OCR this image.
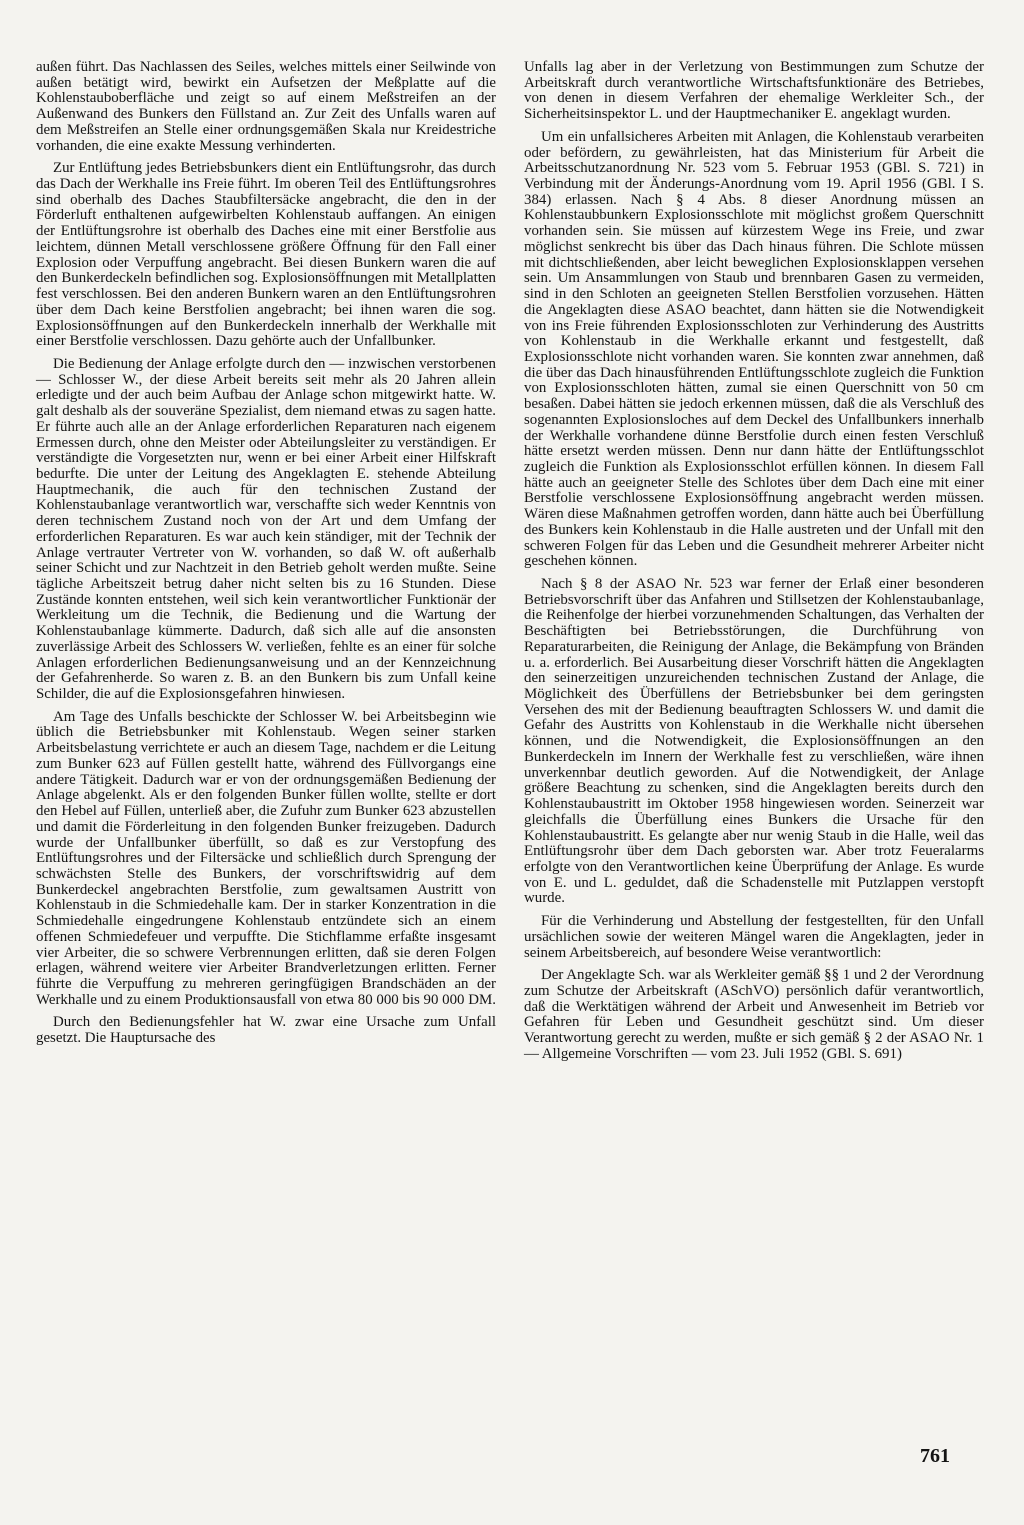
außen führt. Das Nachlassen des Seiles, welches mittels einer Seilwinde von außen betätigt wird, bewirkt ein Aufsetzen der Meßplatte auf die Kohlenstauboberfläche und zeigt so auf einem Meßstreifen an der Außenwand des Bunkers den Füllstand an. Zur Zeit des Unfalls waren auf dem Meßstreifen an Stelle einer ordnungsgemäßen Skala nur Kreidestriche vorhanden, die eine exakte Messung verhinderten.

Zur Entlüftung jedes Betriebsbunkers dient ein Entlüftungsrohr, das durch das Dach der Werkhalle ins Freie führt. Im oberen Teil des Entlüftungsrohres sind oberhalb des Daches Staubfiltersäcke angebracht, die den in der Förderluft enthaltenen aufgewirbelten Kohlenstaub auffangen. An einigen der Entlüftungsrohre ist oberhalb des Daches eine mit einer Berstfolie aus leichtem, dünnen Metall verschlossene größere Öffnung für den Fall einer Explosion oder Verpuffung angebracht. Bei diesen Bunkern waren die auf den Bunkerdeckeln befindlichen sog. Explosionsöffnungen mit Metallplatten fest verschlossen. Bei den anderen Bunkern waren an den Entlüftungsrohren über dem Dach keine Berstfolien angebracht; bei ihnen waren die sog. Explosionsöffnungen auf den Bunkerdeckeln innerhalb der Werkhalle mit einer Berstfolie verschlossen. Dazu gehörte auch der Unfallbunker.

Die Bedienung der Anlage erfolgte durch den — inzwischen verstorbenen — Schlosser W., der diese Arbeit bereits seit mehr als 20 Jahren allein erledigte und der auch beim Aufbau der Anlage schon mitgewirkt hatte. W. galt deshalb als der souveräne Spezialist, dem niemand etwas zu sagen hatte. Er führte auch alle an der Anlage erforderlichen Reparaturen nach eigenem Ermessen durch, ohne den Meister oder Abteilungsleiter zu verständigen. Er verständigte die Vorgesetzten nur, wenn er bei einer Arbeit einer Hilfskraft bedurfte. Die unter der Leitung des Angeklagten E. stehende Abteilung Hauptmechanik, die auch für den technischen Zustand der Kohlenstaubanlage verantwortlich war, verschaffte sich weder Kenntnis von deren technischem Zustand noch von der Art und dem Umfang der erforderlichen Reparaturen. Es war auch kein ständiger, mit der Technik der Anlage vertrauter Vertreter von W. vorhanden, so daß W. oft außerhalb seiner Schicht und zur Nachtzeit in den Betrieb geholt werden mußte. Seine tägliche Arbeitszeit betrug daher nicht selten bis zu 16 Stunden. Diese Zustände konnten entstehen, weil sich kein verantwortlicher Funktionär der Werkleitung um die Technik, die Bedienung und die Wartung der Kohlenstaubanlage kümmerte. Dadurch, daß sich alle auf die ansonsten zuverlässige Arbeit des Schlossers W. verließen, fehlte es an einer für solche Anlagen erforderlichen Bedienungsanweisung und an der Kennzeichnung der Gefahrenherde. So waren z. B. an den Bunkern bis zum Unfall keine Schilder, die auf die Explosionsgefahren hinwiesen.

Am Tage des Unfalls beschickte der Schlosser W. bei Arbeitsbeginn wie üblich die Betriebsbunker mit Kohlenstaub. Wegen seiner starken Arbeitsbelastung verrichtete er auch an diesem Tage, nachdem er die Leitung zum Bunker 623 auf Füllen gestellt hatte, während des Füllvorgangs eine andere Tätigkeit. Dadurch war er von der ordnungsgemäßen Bedienung der Anlage abgelenkt. Als er den folgenden Bunker füllen wollte, stellte er dort den Hebel auf Füllen, unterließ aber, die Zufuhr zum Bunker 623 abzustellen und damit die Förderleitung in den folgenden Bunker freizugeben. Dadurch wurde der Unfallbunker überfüllt, so daß es zur Verstopfung des Entlüftungsrohres und der Filtersäcke und schließlich durch Sprengung der schwächsten Stelle des Bunkers, der vorschriftswidrig auf dem Bunkerdeckel angebrachten Berstfolie, zum gewaltsamen Austritt von Kohlenstaub in die Schmiedehalle kam. Der in starker Konzentration in die Schmiedehalle eingedrungene Kohlenstaub entzündete sich an einem offenen Schmiedefeuer und verpuffte. Die Stichflamme erfaßte insgesamt vier Arbeiter, die so schwere Verbrennungen erlitten, daß sie deren Folgen erlagen, während weitere vier Arbeiter Brandverletzungen erlitten. Ferner führte die Verpuffung zu mehreren geringfügigen Brandschäden an der Werkhalle und zu einem Produktionsausfall von etwa 80 000 bis 90 000 DM.

Durch den Bedienungsfehler hat W. zwar eine Ursache zum Unfall gesetzt. Die Hauptursache des

Unfalls lag aber in der Verletzung von Bestimmungen zum Schutze der Arbeitskraft durch verantwortliche Wirtschaftsfunktionäre des Betriebes, von denen in diesem Verfahren der ehemalige Werkleiter Sch., der Sicherheitsinspektor L. und der Hauptmechaniker E. angeklagt wurden.

Um ein unfallsicheres Arbeiten mit Anlagen, die Kohlenstaub verarbeiten oder befördern, zu gewährleisten, hat das Ministerium für Arbeit die Arbeitsschutzanordnung Nr. 523 vom 5. Februar 1953 (GBl. S. 721) in Verbindung mit der Änderungs-Anordnung vom 19. April 1956 (GBl. I S. 384) erlassen. Nach § 4 Abs. 8 dieser Anordnung müssen an Kohlenstaubbunkern Explosionsschlote mit möglichst großem Querschnitt vorhanden sein. Sie müssen auf kürzestem Wege ins Freie, und zwar möglichst senkrecht bis über das Dach hinaus führen. Die Schlote müssen mit dichtschließenden, aber leicht beweglichen Explosionsklappen versehen sein. Um Ansammlungen von Staub und brennbaren Gasen zu vermeiden, sind in den Schloten an geeigneten Stellen Berstfolien vorzusehen. Hätten die Angeklagten diese ASAO beachtet, dann hätten sie die Notwendigkeit von ins Freie führenden Explosionsschloten zur Verhinderung des Austritts von Kohlenstaub in die Werkhalle erkannt und festgestellt, daß Explosionsschlote nicht vorhanden waren. Sie konnten zwar annehmen, daß die über das Dach hinausführenden Entlüftungsschlote zugleich die Funktion von Explosionsschloten hätten, zumal sie einen Querschnitt von 50 cm besaßen. Dabei hätten sie jedoch erkennen müssen, daß die als Verschluß des sogenannten Explosionsloches auf dem Deckel des Unfallbunkers innerhalb der Werkhalle vorhandene dünne Berstfolie durch einen festen Verschluß hätte ersetzt werden müssen. Denn nur dann hätte der Entlüftungsschlot zugleich die Funktion als Explosionsschlot erfüllen können. In diesem Fall hätte auch an geeigneter Stelle des Schlotes über dem Dach eine mit einer Berstfolie verschlossene Explosionsöffnung angebracht werden müssen. Wären diese Maßnahmen getroffen worden, dann hätte auch bei Überfüllung des Bunkers kein Kohlenstaub in die Halle austreten und der Unfall mit den schweren Folgen für das Leben und die Gesundheit mehrerer Arbeiter nicht geschehen können.

Nach § 8 der ASAO Nr. 523 war ferner der Erlaß einer besonderen Betriebsvorschrift über das Anfahren und Stillsetzen der Kohlenstaubanlage, die Reihenfolge der hierbei vorzunehmenden Schaltungen, das Verhalten der Beschäftigten bei Betriebsstörungen, die Durchführung von Reparaturarbeiten, die Reinigung der Anlage, die Bekämpfung von Bränden u. a. erforderlich. Bei Ausarbeitung dieser Vorschrift hätten die Angeklagten den seinerzeitigen unzureichenden technischen Zustand der Anlage, die Möglichkeit des Überfüllens der Betriebsbunker bei dem geringsten Versehen des mit der Bedienung beauftragten Schlossers W. und damit die Gefahr des Austritts von Kohlenstaub in die Werkhalle nicht übersehen können, und die Notwendigkeit, die Explosionsöffnungen an den Bunkerdeckeln im Innern der Werkhalle fest zu verschließen, wäre ihnen unverkennbar deutlich geworden. Auf die Notwendigkeit, der Anlage größere Beachtung zu schenken, sind die Angeklagten bereits durch den Kohlenstaubaustritt im Oktober 1958 hingewiesen worden. Seinerzeit war gleichfalls die Überfüllung eines Bunkers die Ursache für den Kohlenstaubaustritt. Es gelangte aber nur wenig Staub in die Halle, weil das Entlüftungsrohr über dem Dach geborsten war. Aber trotz Feueralarms erfolgte von den Verantwortlichen keine Überprüfung der Anlage. Es wurde von E. und L. geduldet, daß die Schadenstelle mit Putzlappen verstopft wurde.

Für die Verhinderung und Abstellung der festgestellten, für den Unfall ursächlichen sowie der weiteren Mängel waren die Angeklagten, jeder in seinem Arbeitsbereich, auf besondere Weise verantwortlich:

Der Angeklagte Sch. war als Werkleiter gemäß §§ 1 und 2 der Verordnung zum Schutze der Arbeitskraft (ASchVO) persönlich dafür verantwortlich, daß die Werktätigen während der Arbeit und Anwesenheit im Betrieb vor Gefahren für Leben und Gesundheit geschützt sind. Um dieser Verantwortung gerecht zu werden, mußte er sich gemäß § 2 der ASAO Nr. 1 — Allgemeine Vorschriften — vom 23. Juli 1952 (GBl. S. 691)

761
